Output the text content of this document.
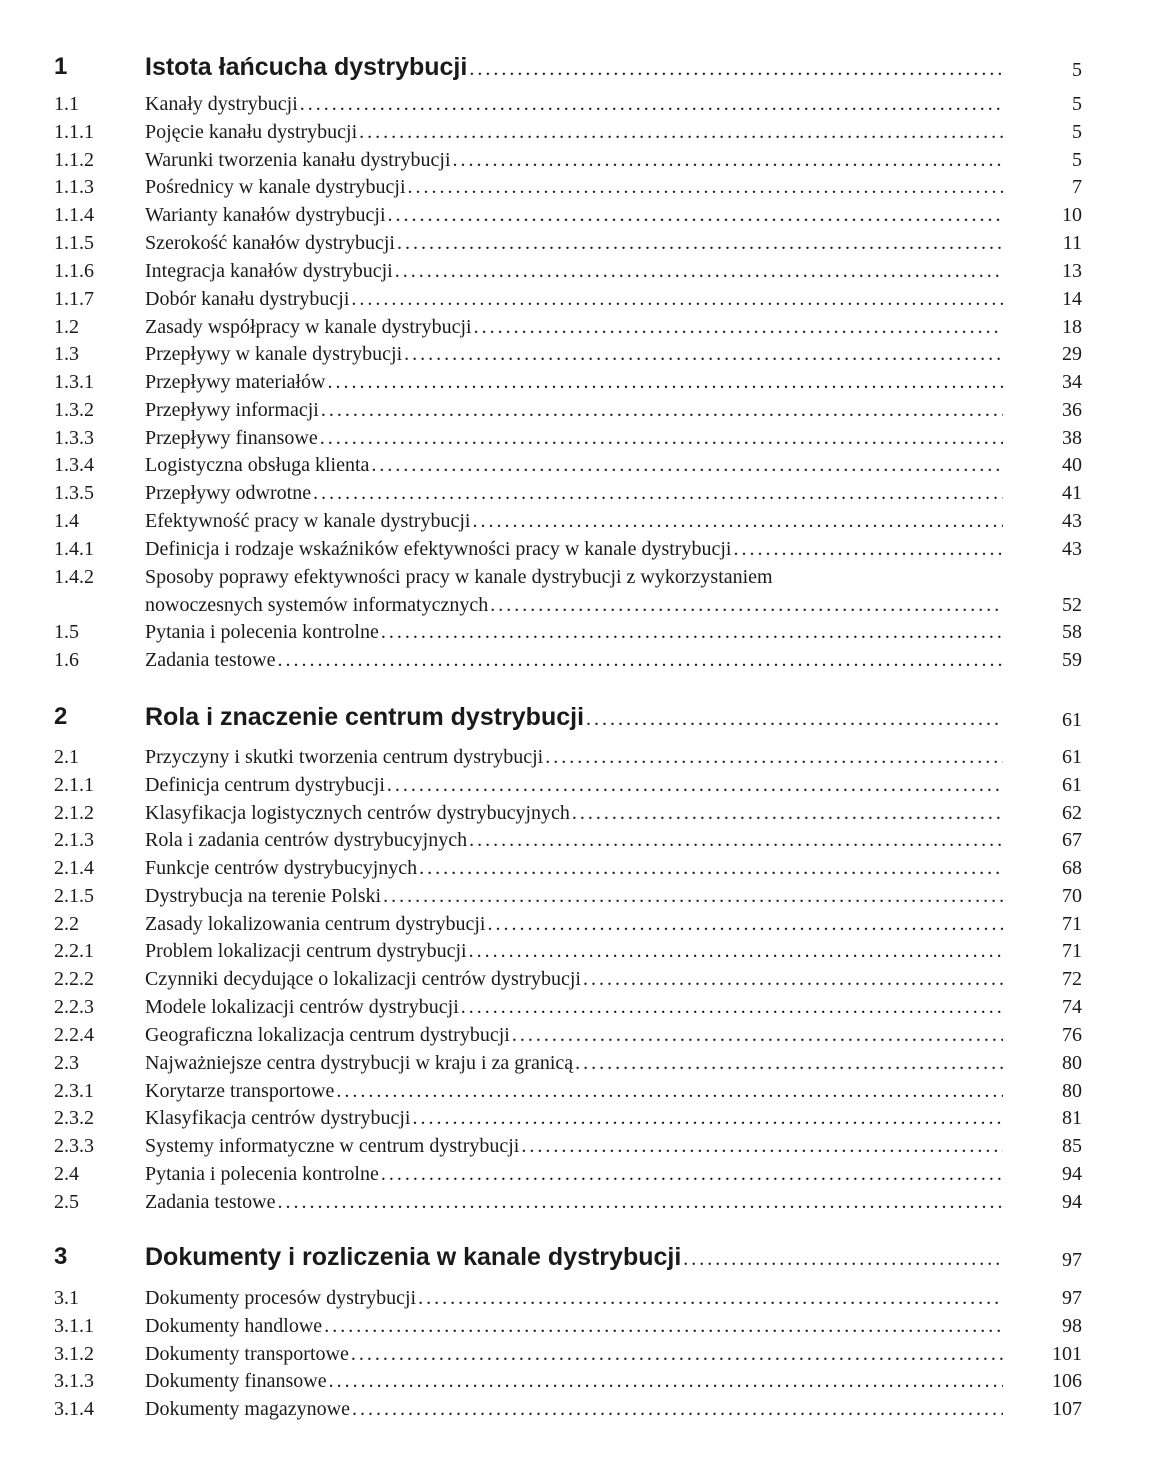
1	Istota łańcucha dystrybucji . . .	5
1.1	Kanały dystrybucji . . .	5
1.1.1	Pojęcie kanału dystrybucji . . .	5
1.1.2	Warunki tworzenia kanału dystrybucji . . .	5
1.1.3	Pośrednicy w kanale dystrybucji . . .	7
1.1.4	Warianty kanałów dystrybucji . . .	10
1.1.5	Szerokość kanałów dystrybucji . . .	11
1.1.6	Integracja kanałów dystrybucji . . .	13
1.1.7	Dobór kanału dystrybucji . . .	14
1.2	Zasady współpracy w kanale dystrybucji . . .	18
1.3	Przepływy w kanale dystrybucji . . .	29
1.3.1	Przepływy materiałów . . .	34
1.3.2	Przepływy informacji . . .	36
1.3.3	Przepływy finansowe . . .	38
1.3.4	Logistyczna obsługa klienta . . .	40
1.3.5	Przepływy odwrotne . . .	41
1.4	Efektywność pracy w kanale dystrybucji . . .	43
1.4.1	Definicja i rodzaje wskaźników efektywności pracy w kanale dystrybucji . . .	43
1.4.2	Sposoby poprawy efektywności pracy w kanale dystrybucji z wykorzystaniem
nowoczesnych systemów informatycznych . . .	52
1.5	Pytania i polecenia kontrolne . . .	58
1.6	Zadania testowe . . .	59
2	Rola i znaczenie centrum dystrybucji . . .	61
2.1	Przyczyny i skutki tworzenia centrum dystrybucji . . .	61
2.1.1	Definicja centrum dystrybucji . . .	61
2.1.2	Klasyfikacja logistycznych centrów dystrybucyjnych . . .	62
2.1.3	Rola i zadania centrów dystrybucyjnych . . .	67
2.1.4	Funkcje centrów dystrybucyjnych . . .	68
2.1.5	Dystrybucja na terenie Polski . . .	70
2.2	Zasady lokalizowania centrum dystrybucji . . .	71
2.2.1	Problem lokalizacji centrum dystrybucji . . .	71
2.2.2	Czynniki decydujące o lokalizacji centrów dystrybucji . . .	72
2.2.3	Modele lokalizacji centrów dystrybucji . . .	74
2.2.4	Geograficzna lokalizacja centrum dystrybucji . . .	76
2.3	Najważniejsze centra dystrybucji w kraju i za granicą . . .	80
2.3.1	Korytarze transportowe . . .	80
2.3.2	Klasyfikacja centrów dystrybucji . . .	81
2.3.3	Systemy informatyczne w centrum dystrybucji . . .	85
2.4	Pytania i polecenia kontrolne . . .	94
2.5	Zadania testowe . . .	94
3	Dokumenty i rozliczenia w kanale dystrybucji . . .	97
3.1	Dokumenty procesów dystrybucji . . .	97
3.1.1	Dokumenty handlowe . . .	98
3.1.2	Dokumenty transportowe . . .	101
3.1.3	Dokumenty finansowe . . .	106
3.1.4	Dokumenty magazynowe . . .	107
